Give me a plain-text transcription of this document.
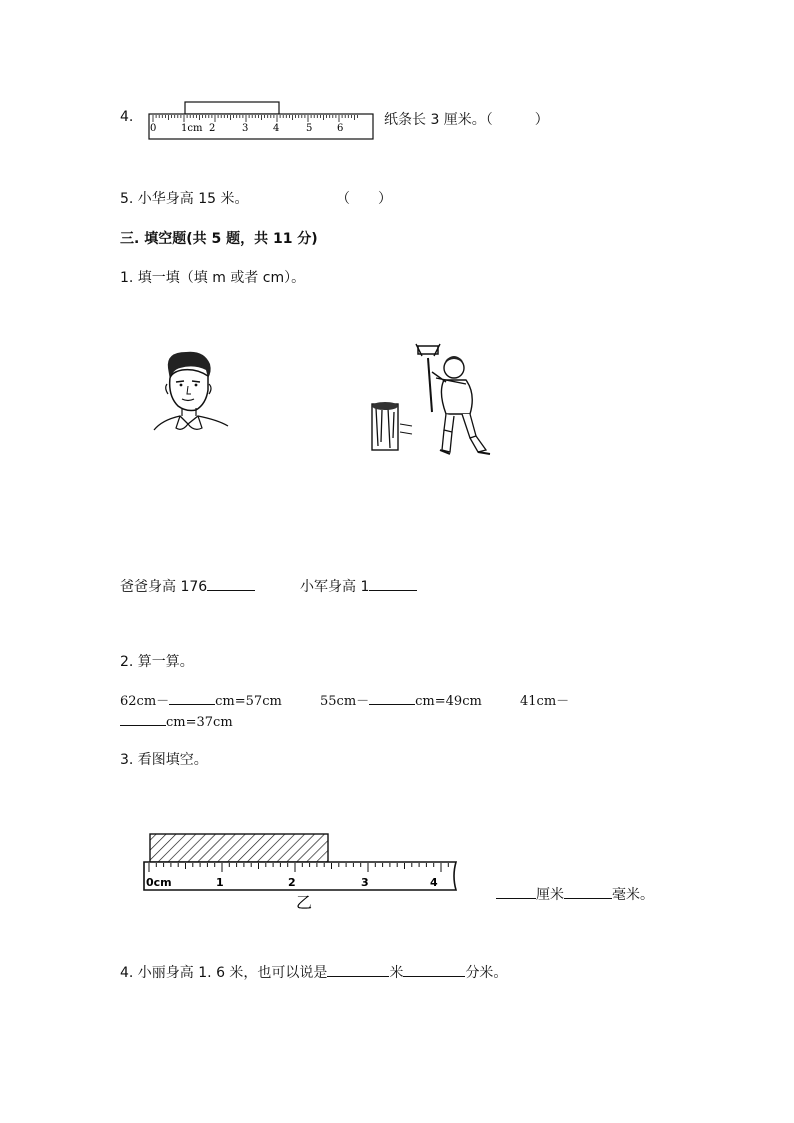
4.
0 1cm 2	3 4	5 6
纸条长 3 厘米。（　　　）
5. 小华身高 15 米。	（　　）
三. 填空题(共 5 题，共 11 分)
1. 填一填（填 m 或者 cm）。
爸爸身高 176	小军身高 1
2. 算一算。
62cm－	cm=57cm	55cm－	cm=49cm	41cm－
cm=37cm
3. 看图填空。
0cm	1	2	3	4
乙	厘米	毫米。
4. 小丽身高 1. 6 米，也可以说是	米	分米。
